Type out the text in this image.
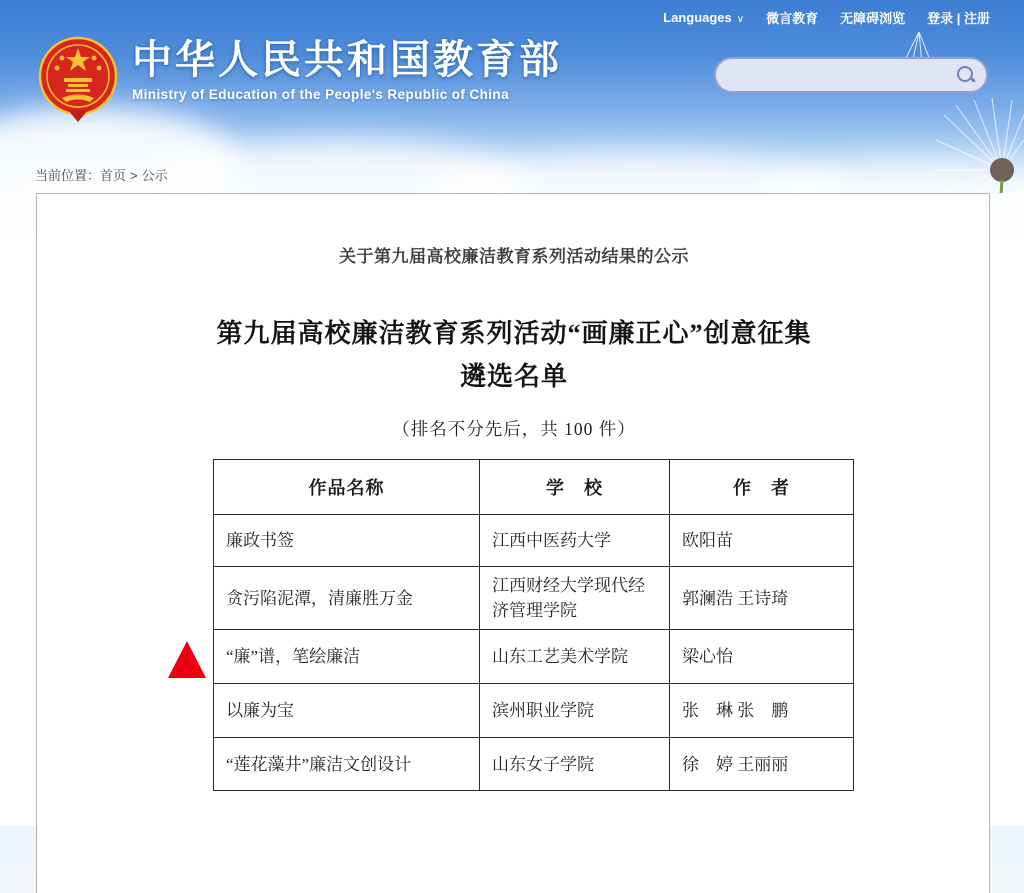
Languages ∨ 微言教育 无障碍浏览 登录 | 注册
中华人民共和国教育部
Ministry of Education of the People's Republic of China
当前位置：首页 > 公示
关于第九届高校廉洁教育系列活动结果的公示
第九届高校廉洁教育系列活动“画廉正心”创意征集
遴选名单
（排名不分先后，共 100 件）
作品名称	学　校	作　者
廉政书签	江西中医药大学	欧阳苗
贪污陷泥潭，清廉胜万金	江西财经大学现代经济管理学院	郭澜浩 王诗琦
“廉”谱，笔绘廉洁	山东工艺美术学院	梁心怡
以廉为宝	滨州职业学院	张　琳 张　鹏
“莲花藻井”廉洁文创设计	山东女子学院	徐　婷 王丽丽
